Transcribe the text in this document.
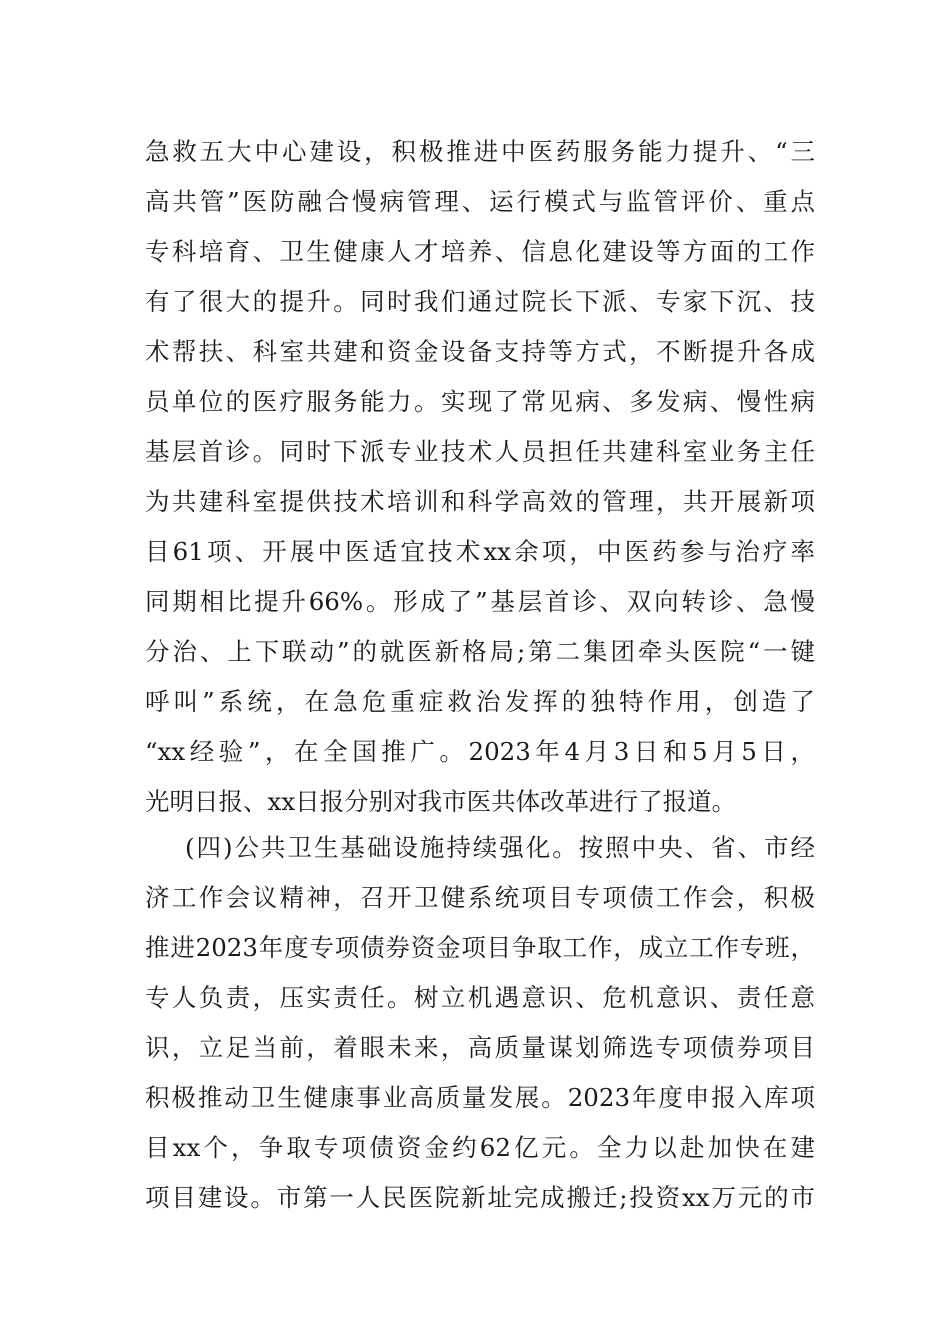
急救五大中心建设，积极推进中医药服务能力提升、“三
高共管”医防融合慢病管理、运行模式与监管评价、重点
专科培育、卫生健康人才培养、信息化建设等方面的工作
有了很大的提升。同时我们通过院长下派、专家下沉、技
术帮扶、科室共建和资金设备支持等方式，不断提升各成
员单位的医疗服务能力。实现了常见病、多发病、慢性病
基层首诊。同时下派专业技术人员担任共建科室业务主任
为共建科室提供技术培训和科学高效的管理，共开展新项
目61项、开展中医适宜技术xx余项，中医药参与治疗率
同期相比提升66%。形成了”基层首诊、双向转诊、急慢
分治、上下联动”的就医新格局;第二集团牵头医院“一键
呼叫”系统，在急危重症救治发挥的独特作用，创造了
“xx经验”，在全国推广。2023年4月3日和5月5日，
光明日报、xx日报分别对我市医共体改革进行了报道。
(四)公共卫生基础设施持续强化。按照中央、省、市经
济工作会议精神，召开卫健系统项目专项债工作会，积极
推进2023年度专项债券资金项目争取工作，成立工作专班，
专人负责，压实责任。树立机遇意识、危机意识、责任意
识，立足当前，着眼未来，高质量谋划筛选专项债券项目
积极推动卫生健康事业高质量发展。2023年度申报入库项
目xx个，争取专项债资金约62亿元。全力以赴加快在建
项目建设。市第一人民医院新址完成搬迁;投资xx万元的市
